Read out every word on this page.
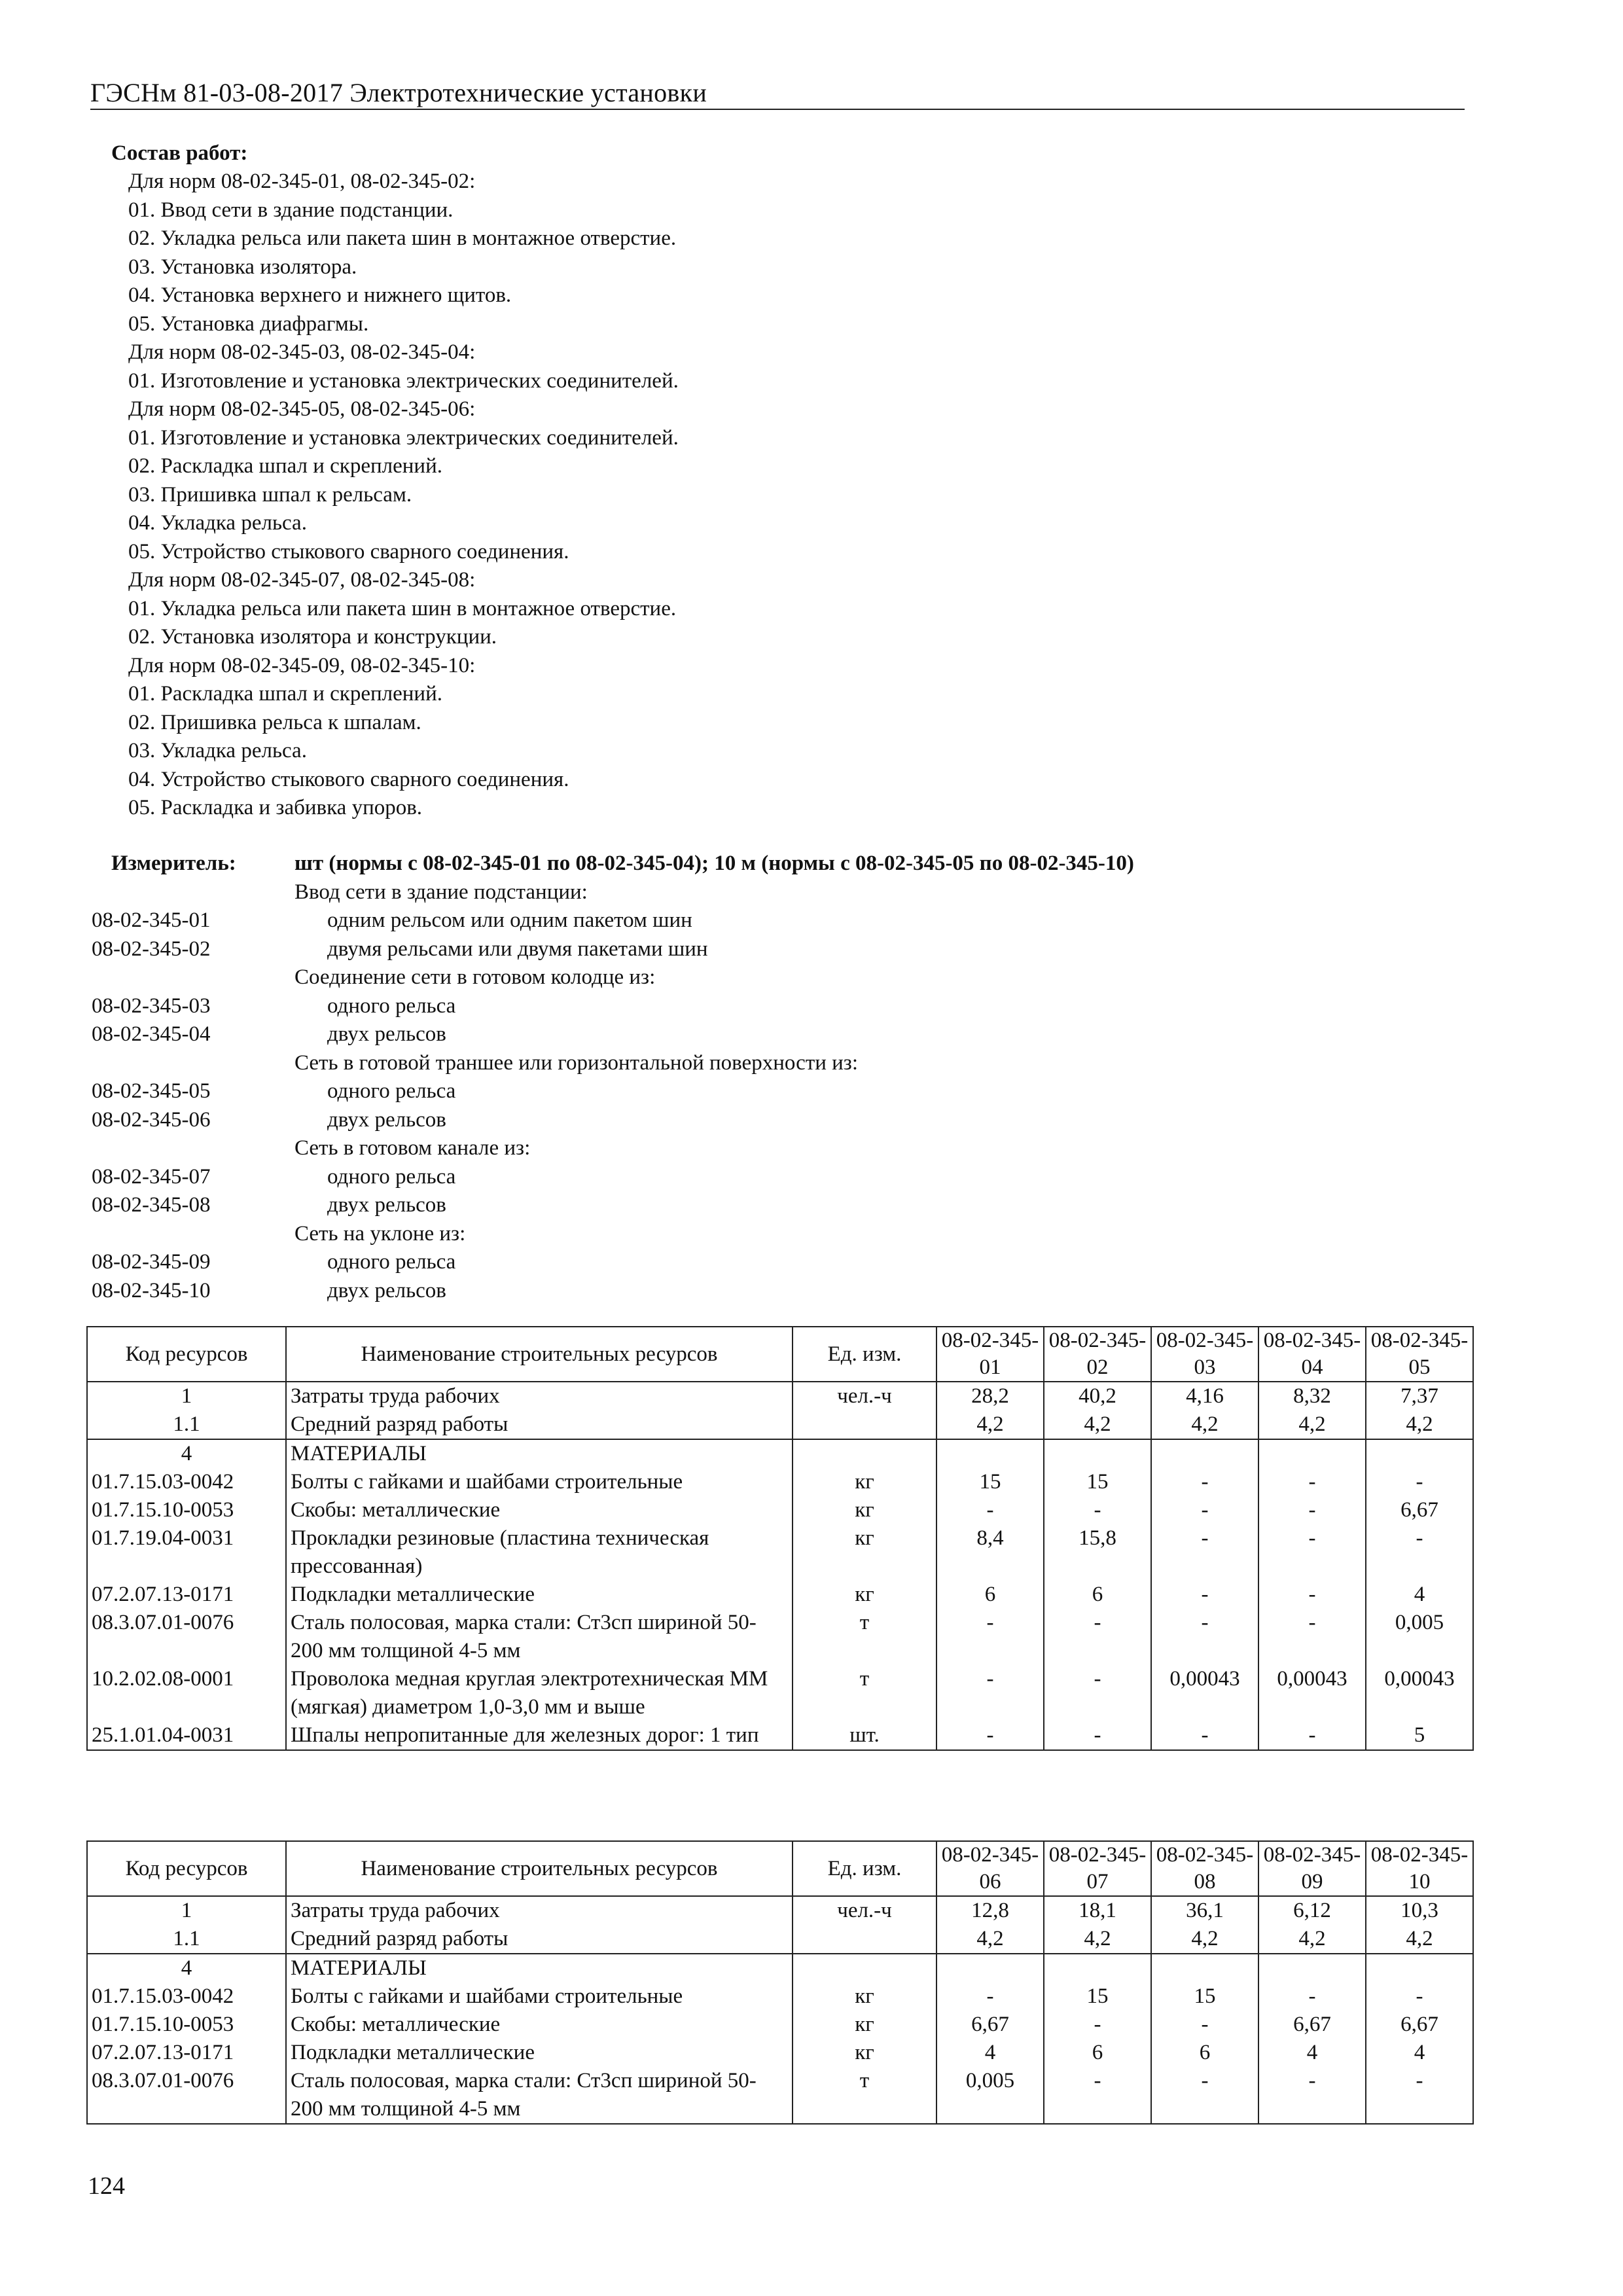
ГЭСНм 81-03-08-2017 Электротехнические установки
Состав работ:
Для норм 08-02-345-01, 08-02-345-02:
01. Ввод сети в здание подстанции.
02. Укладка рельса или пакета шин в монтажное отверстие.
03. Установка изолятора.
04. Установка верхнего и нижнего щитов.
05. Установка диафрагмы.
Для норм 08-02-345-03, 08-02-345-04:
01. Изготовление и установка электрических соединителей.
Для норм 08-02-345-05, 08-02-345-06:
01. Изготовление и установка электрических соединителей.
02. Раскладка шпал и скреплений.
03. Пришивка шпал к рельсам.
04. Укладка рельса.
05. Устройство стыкового сварного соединения.
Для норм 08-02-345-07, 08-02-345-08:
01. Укладка рельса или пакета шин в монтажное отверстие.
02. Установка изолятора и конструкции.
Для норм 08-02-345-09, 08-02-345-10:
01. Раскладка шпал и скреплений.
02. Пришивка рельса к шпалам.
03. Укладка рельса.
04. Устройство стыкового сварного соединения.
05. Раскладка и забивка упоров.
Измеритель:	шт (нормы с 08-02-345-01 по 08-02-345-04); 10 м (нормы с 08-02-345-05 по 08-02-345-10)
Ввод сети в здание подстанции:
08-02-345-01	одним рельсом или одним пакетом шин
08-02-345-02	двумя рельсами или двумя пакетами шин
Соединение сети в готовом колодце из:
08-02-345-03	одного рельса
08-02-345-04	двух рельсов
Сеть в готовой траншее или горизонтальной поверхности из:
08-02-345-05	одного рельса
08-02-345-06	двух рельсов
Сеть в готовом канале из:
08-02-345-07	одного рельса
08-02-345-08	двух рельсов
Сеть на уклоне из:
08-02-345-09	одного рельса
08-02-345-10	двух рельсов
Код ресурсов	Наименование строительных ресурсов	Ед. изм.	08-02-345-01	08-02-345-02	08-02-345-03	08-02-345-04	08-02-345-05
1	Затраты труда рабочих	чел.-ч	28,2	40,2	4,16	8,32	7,37
1.1	Средний разряд работы		4,2	4,2	4,2	4,2	4,2
4	МАТЕРИАЛЫ						
01.7.15.03-0042	Болты с гайками и шайбами строительные	кг	15	15	-	-	-
01.7.15.10-0053	Скобы: металлические	кг	-	-	-	-	6,67
01.7.19.04-0031	Прокладки резиновые (пластина техническая прессованная)	кг	8,4	15,8	-	-	-
07.2.07.13-0171	Подкладки металлические	кг	6	6	-	-	4
08.3.07.01-0076	Сталь полосовая, марка стали: Ст3сп шириной 50-200 мм толщиной 4-5 мм	т	-	-	-	-	0,005
10.2.02.08-0001	Проволока медная круглая электротехническая ММ (мягкая) диаметром 1,0-3,0 мм и выше	т	-	-	0,00043	0,00043	0,00043
25.1.01.04-0031	Шпалы непропитанные для железных дорог: 1 тип	шт.	-	-	-	-	5
Код ресурсов	Наименование строительных ресурсов	Ед. изм.	08-02-345-06	08-02-345-07	08-02-345-08	08-02-345-09	08-02-345-10
1	Затраты труда рабочих	чел.-ч	12,8	18,1	36,1	6,12	10,3
1.1	Средний разряд работы		4,2	4,2	4,2	4,2	4,2
4	МАТЕРИАЛЫ						
01.7.15.03-0042	Болты с гайками и шайбами строительные	кг	-	15	15	-	-
01.7.15.10-0053	Скобы: металлические	кг	6,67	-	-	6,67	6,67
07.2.07.13-0171	Подкладки металлические	кг	4	6	6	4	4
08.3.07.01-0076	Сталь полосовая, марка стали: Ст3сп шириной 50-200 мм толщиной 4-5 мм	т	0,005	-	-	-	-
124
